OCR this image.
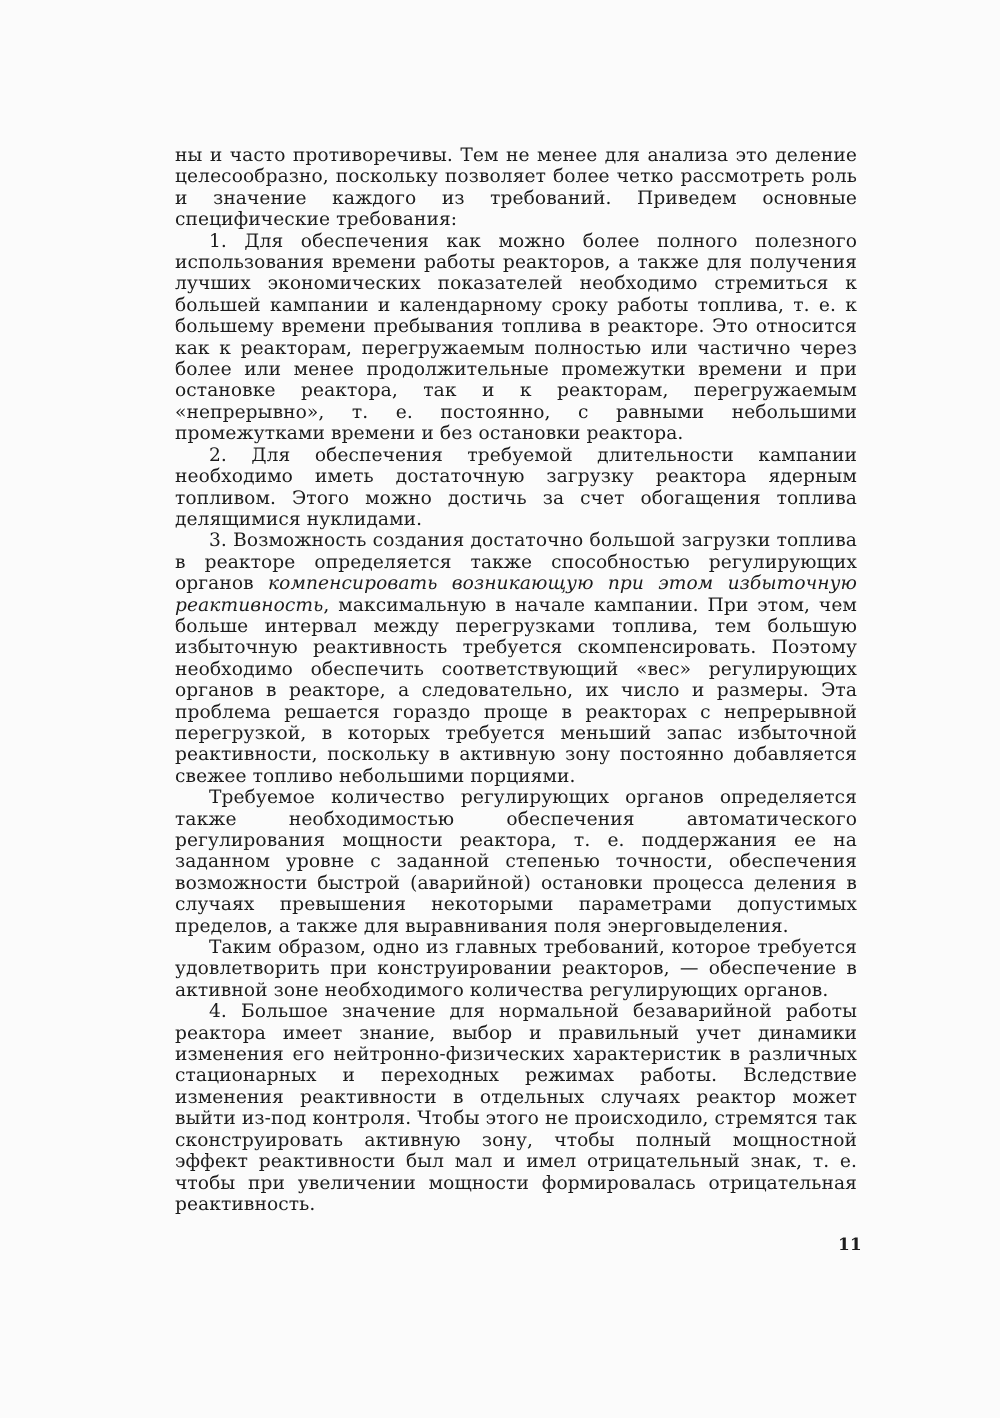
ны и часто противоречивы. Тем не менее для анализа это деление целесообразно, поскольку позволяет более четко рассмотреть роль и значение каждого из требований. Приведем основные специфические требования:

1. Для обеспечения как можно более полного полезного использования времени работы реакторов, а также для получения лучших экономических показателей необходимо стремиться к большей кампании и календарному сроку работы топлива, т. е. к большему времени пребывания топлива в реакторе. Это относится как к реакторам, перегружаемым полностью или частично через более или менее продолжительные промежутки времени и при остановке реактора, так и к реакторам, перегружаемым «непрерывно», т. е. постоянно, с равными небольшими промежутками времени и без остановки реактора.

2. Для обеспечения требуемой длительности кампании необходимо иметь достаточную загрузку реактора ядерным топливом. Этого можно достичь за счет обогащения топлива делящимися нуклидами.

3. Возможность создания достаточно большой загрузки топлива в реакторе определяется также способностью регулирующих органов компенсировать возникающую при этом избыточную реактивность, максимальную в начале кампании. При этом, чем больше интервал между перегрузками топлива, тем большую избыточную реактивность требуется скомпенсировать. Поэтому необходимо обеспечить соответствующий «вес» регулирующих органов в реакторе, а следовательно, их число и размеры. Эта проблема решается гораздо проще в реакторах с непрерывной перегрузкой, в которых требуется меньший запас избыточной реактивности, поскольку в активную зону постоянно добавляется свежее топливо небольшими порциями.

Требуемое количество регулирующих органов определяется также необходимостью обеспечения автоматического регулирования мощности реактора, т. е. поддержания ее на заданном уровне с заданной степенью точности, обеспечения возможности быстрой (аварийной) остановки процесса деления в случаях превышения некоторыми параметрами допустимых пределов, а также для выравнивания поля энерговыделения.

Таким образом, одно из главных требований, которое требуется удовлетворить при конструировании реакторов, — обеспечение в активной зоне необходимого количества регулирующих органов.

4. Большое значение для нормальной безаварийной работы реактора имеет знание, выбор и правильный учет динамики изменения его нейтронно-физических характеристик в различных стационарных и переходных режимах работы. Вследствие изменения реактивности в отдельных случаях реактор может выйти из-под контроля. Чтобы этого не происходило, стремятся так сконструировать активную зону, чтобы полный мощностной эффект реактивности был мал и имел отрицательный знак, т. е. чтобы при увеличении мощности формировалась отрицательная реактивность.

11
